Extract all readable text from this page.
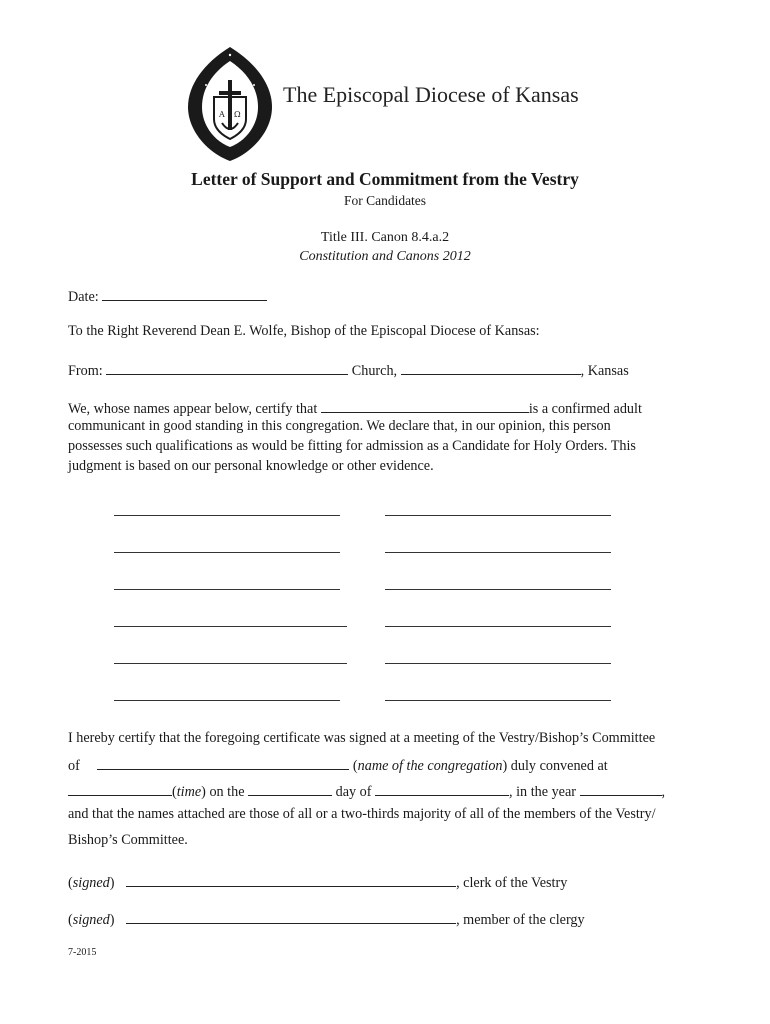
A Ω
The Episcopal Diocese of Kansas
Letter of Support and Commitment from the Vestry
For Candidates
Title III. Canon 8.4.a.2
Constitution and Canons 2012
Date:
To the Right Reverend Dean E. Wolfe, Bishop of the Episcopal Diocese of Kansas:
From:	Church,	, Kansas
We, whose names appear below, certify that	is a confirmed adult
communicant in good standing in this congregation. We declare that, in our opinion, this person
possesses such qualifications as would be fitting for admission as a Candidate for Holy Orders. This
judgment is based on our personal knowledge or other evidence.
I hereby certify that the foregoing certificate was signed at a meeting of the Vestry/Bishop’s Committee
of	(name of the congregation) duly convened at
(time) on the	day of	, in the year	,
and that the names attached are those of all or a two-thirds majority of all of the members of the Vestry/
Bishop’s Committee.
(signed)	, clerk of the Vestry
(signed)	, member of the clergy
7-2015
